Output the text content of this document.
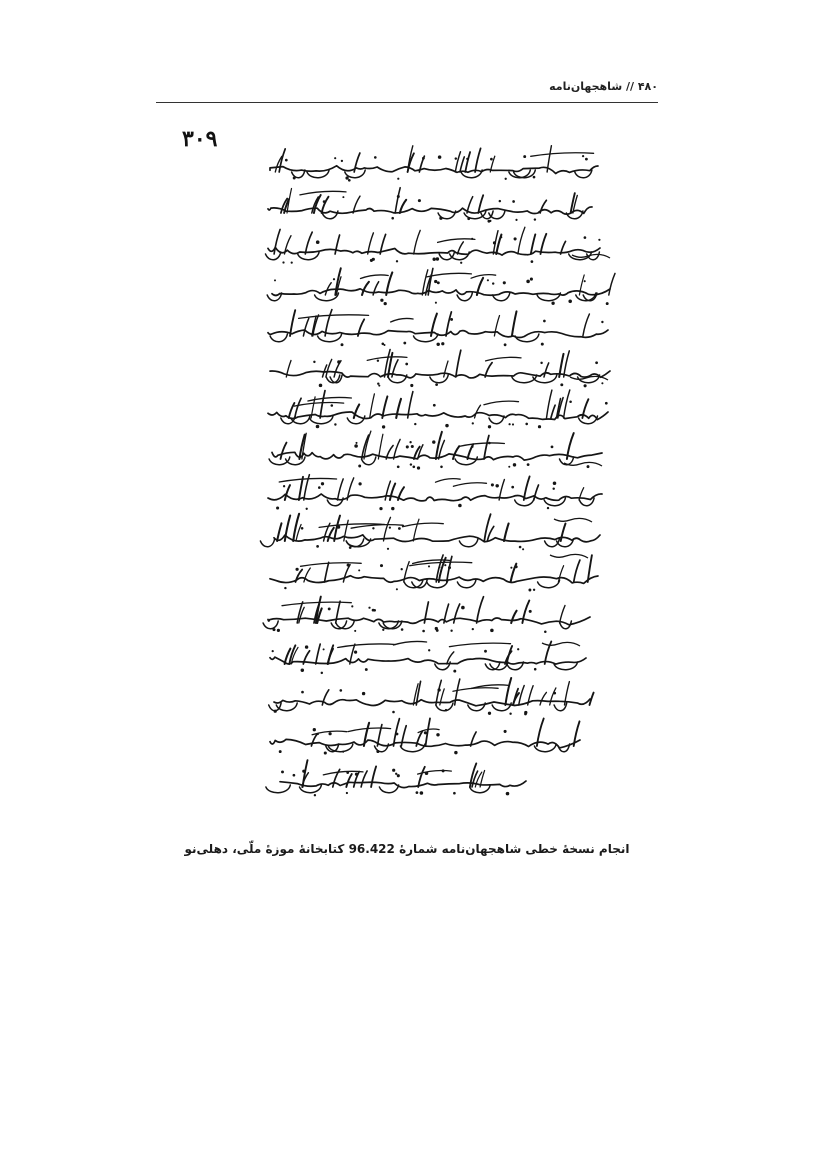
۴۸۰ // شاهجهان‌نامه
۳۰۹
انجام نسخهٔ خطی شاهجهان‌نامه شمارهٔ 96.422 کتابخانهٔ موزهٔ ملّی، دهلی‌نو
